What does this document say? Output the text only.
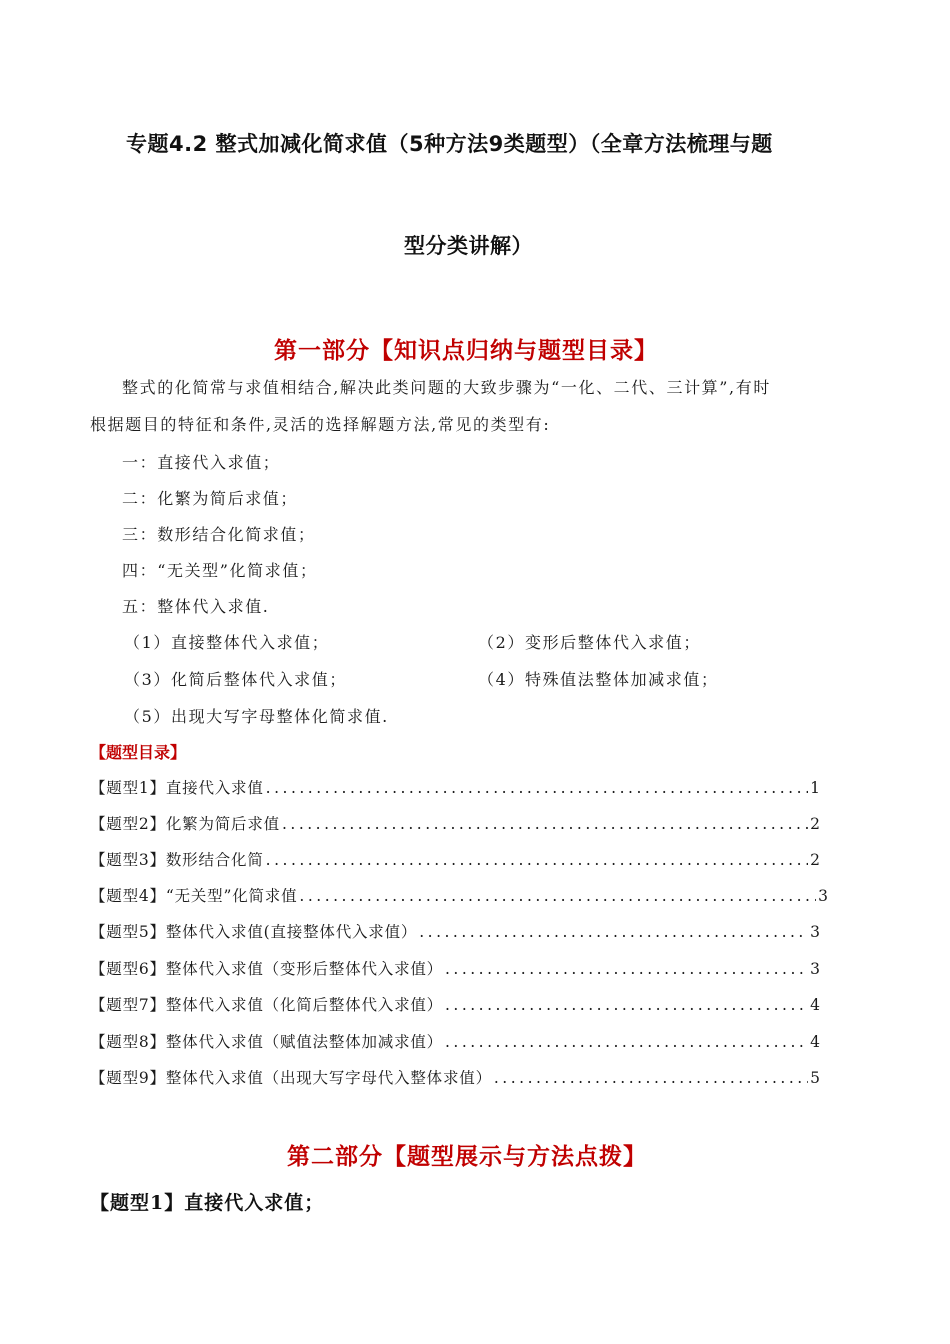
专题4.2 整式加减化简求值（5种方法9类题型）（全章方法梳理与题
型分类讲解）
第一部分【知识点归纳与题型目录】
整式的化简常与求值相结合,解决此类问题的大致步骤为“一化、二代、三计算”,有时
根据题目的特征和条件,灵活的选择解题方法,常见的类型有:
一：直接代入求值；
二：化繁为简后求值；
三：数形结合化简求值；
四：“无关型”化简求值；
五：整体代入求值.
（1）直接整体代入求值；	（2）变形后整体代入求值；
（3）化简后整体代入求值；	（4）特殊值法整体加减求值；
（5）出现大写字母整体化简求值.
【题型目录】
【题型1】直接代入求值 .....	1
【题型2】化繁为简后求值 .....	2
【题型3】数形结合化简 .....	2
【题型4】“无关型”化简求值 .....	3
【题型5】整体代入求值(直接整体代入求值） .....	3
【题型6】整体代入求值（变形后整体代入求值） .....	3
【题型7】整体代入求值（化简后整体代入求值） .....	4
【题型8】整体代入求值（赋值法整体加减求值） .....	4
【题型9】整体代入求值（出现大写字母代入整体求值） .....	5
第二部分【题型展示与方法点拨】
【题型1】直接代入求值；
